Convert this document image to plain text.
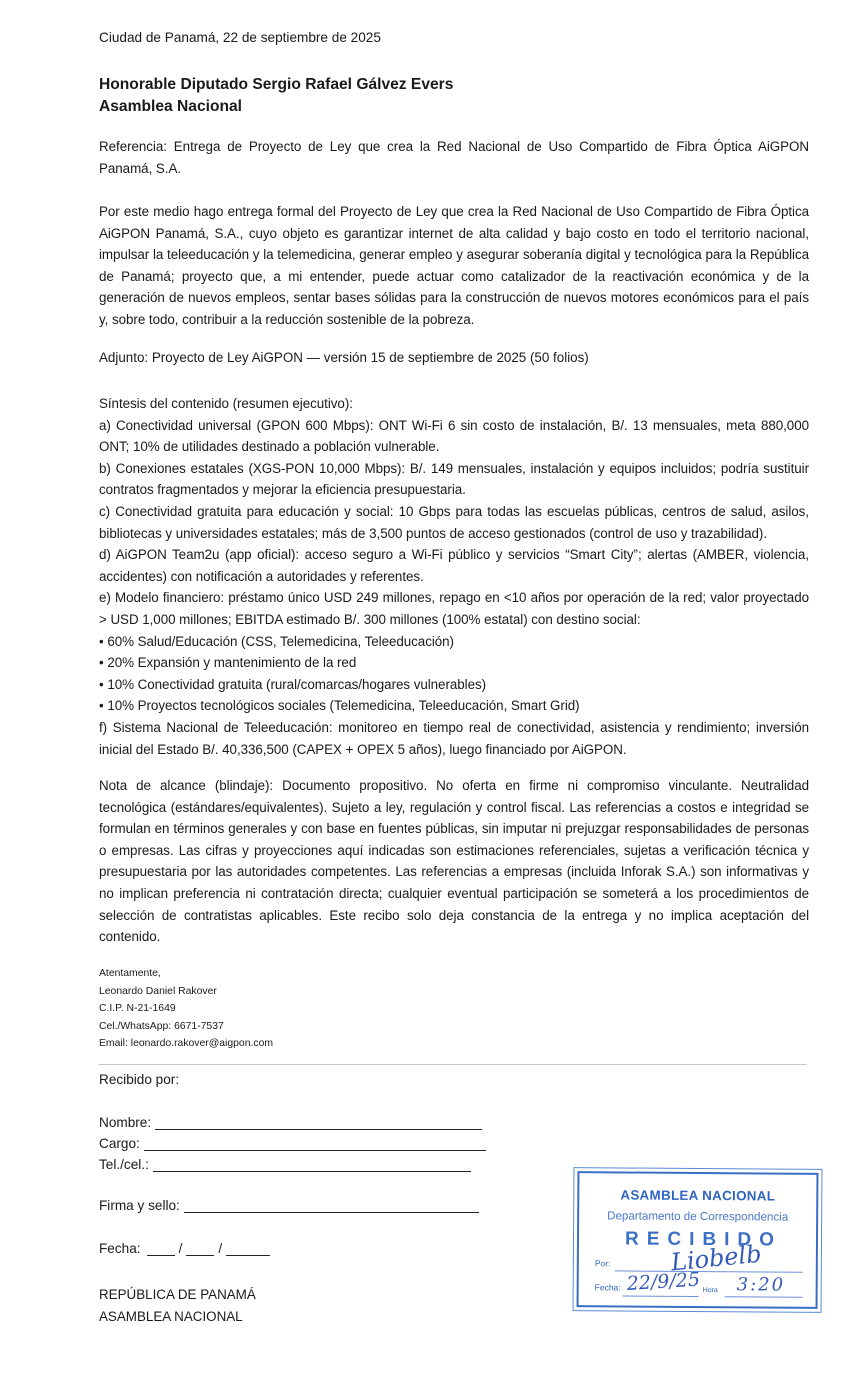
Ciudad de Panamá, 22 de septiembre de 2025
Honorable Diputado Sergio Rafael Gálvez Evers
Asamblea Nacional
Referencia: Entrega de Proyecto de Ley que crea la Red Nacional de Uso Compartido de Fibra Óptica AiGPON Panamá, S.A.
Por este medio hago entrega formal del Proyecto de Ley que crea la Red Nacional de Uso Compartido de Fibra Óptica AiGPON Panamá, S.A., cuyo objeto es garantizar internet de alta calidad y bajo costo en todo el territorio nacional, impulsar la teleeducación y la telemedicina, generar empleo y asegurar soberanía digital y tecnológica para la República de Panamá; proyecto que, a mi entender, puede actuar como catalizador de la reactivación económica y de la generación de nuevos empleos, sentar bases sólidas para la construcción de nuevos motores económicos para el país y, sobre todo, contribuir a la reducción sostenible de la pobreza.
Adjunto: Proyecto de Ley AiGPON — versión 15 de septiembre de 2025 (50 folios)

Síntesis del contenido (resumen ejecutivo):

a) Conectividad universal (GPON 600 Mbps): ONT Wi-Fi 6 sin costo de instalación, B/. 13 mensuales, meta 880,000 ONT; 10% de utilidades destinado a población vulnerable.

b) Conexiones estatales (XGS-PON 10,000 Mbps): B/. 149 mensuales, instalación y equipos incluidos; podría sustituir contratos fragmentados y mejorar la eficiencia presupuestaria.

c) Conectividad gratuita para educación y social: 10 Gbps para todas las escuelas públicas, centros de salud, asilos, bibliotecas y universidades estatales; más de 3,500 puntos de acceso gestionados (control de uso y trazabilidad).

d) AiGPON Team2u (app oficial): acceso seguro a Wi-Fi público y servicios “Smart City”; alertas (AMBER, violencia, accidentes) con notificación a autoridades y referentes.

e) Modelo financiero: préstamo único USD 249 millones, repago en <10 años por operación de la red; valor proyectado > USD 1,000 millones; EBITDA estimado B/. 300 millones (100% estatal) con destino social:

• 60% Salud/Educación (CSS, Telemedicina, Teleeducación)

• 20% Expansión y mantenimiento de la red

• 10% Conectividad gratuita (rural/comarcas/hogares vulnerables)

• 10% Proyectos tecnológicos sociales (Telemedicina, Teleeducación, Smart Grid)

f) Sistema Nacional de Teleeducación: monitoreo en tiempo real de conectividad, asistencia y rendimiento; inversión inicial del Estado B/. 40,336,500 (CAPEX + OPEX 5 años), luego financiado por AiGPON.

Nota de alcance (blindaje): Documento propositivo. No oferta en firme ni compromiso vinculante. Neutralidad tecnológica (estándares/equivalentes). Sujeto a ley, regulación y control fiscal. Las referencias a costos e integridad se formulan en términos generales y con base en fuentes públicas, sin imputar ni prejuzgar responsabilidades de personas o empresas. Las cifras y proyecciones aquí indicadas son estimaciones referenciales, sujetas a verificación técnica y presupuestaria por las autoridades competentes. Las referencias a empresas (incluida Inforak S.A.) son informativas y no implican preferencia ni contratación directa; cualquier eventual participación se someterá a los procedimientos de selección de contratistas aplicables. Este recibo solo deja constancia de la entrega y no implica aceptación del contenido.
Atentamente,
Leonardo Daniel Rakover
C.I.P. N-21-1649
Cel./WhatsApp: 6671-7537
Email: leonardo.rakover@aigpon.com
Recibido por:
Nombre:
Cargo:
Tel./cel.:
Firma y sello:
Fecha:	/	/
REPÚBLICA DE PANAMÁ
ASAMBLEA NACIONAL
ASAMBLEA NACIONAL
Departamento de Correspondencia
RECIBIDO
Por: Liobelb
Fecha: 22/9/25 Hora 3:20
